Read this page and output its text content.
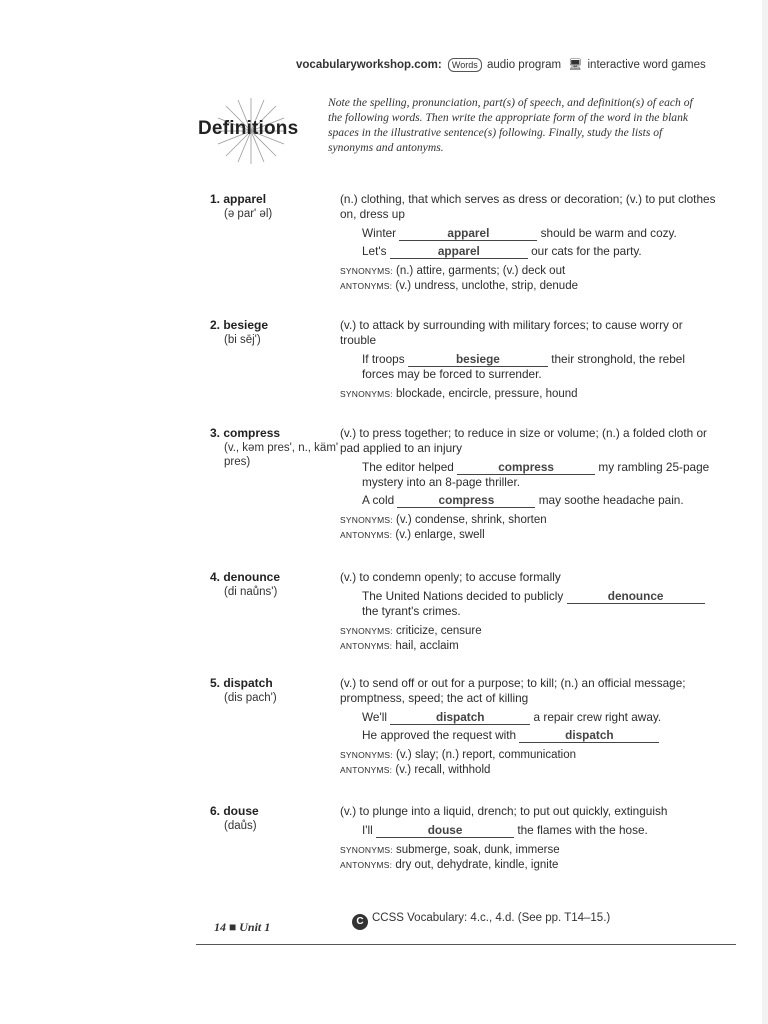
vocabularyworkshop.com: Words audio program 🖥 interactive word games
Definitions
Note the spelling, pronunciation, part(s) of speech, and definition(s) of each of the following words. Then write the appropriate form of the word in the blank spaces in the illustrative sentence(s) following. Finally, study the lists of synonyms and antonyms.
1. apparel
(ə par' əl)

(n.) clothing, that which serves as dress or decoration; (v.) to put clothes on, dress up

Winter	apparel	should be warm and cozy.
Let's	apparel	our cats for the party.

SYNONYMS: (n.) attire, garments; (v.) deck out

ANTONYMS: (v.) undress, unclothe, strip, denude

2. besiege
(bi sēj')

(v.) to attack by surrounding with military forces; to cause worry or trouble

If troops	besiege	their stronghold, the rebel forces may be forced to surrender.

SYNONYMS: blockade, encircle, pressure, hound

3. compress
(v., kəm pres', n., käm' pres)

(v.) to press together; to reduce in size or volume; (n.) a folded cloth or pad applied to an injury

The editor helped	compress	my rambling 25-page mystery into an 8-page thriller.
A cold	compress	may soothe headache pain.

SYNONYMS: (v.) condense, shrink, shorten

ANTONYMS: (v.) enlarge, swell

4. denounce
(di naůns')

(v.) to condemn openly; to accuse formally

The United Nations decided to publicly	denounce the tyrant's crimes.

SYNONYMS: criticize, censure

ANTONYMS: hail, acclaim

5. dispatch
(dis pach')

(v.) to send off or out for a purpose; to kill; (n.) an official message; promptness, speed; the act of killing

We'll	dispatch	a repair crew right away.
He approved the request with	dispatch

SYNONYMS: (v.) slay; (n.) report, communication

ANTONYMS: (v.) recall, withhold

6. douse
(daůs)

(v.) to plunge into a liquid, drench; to put out quickly, extinguish

I'll	douse	the flames with the hose.

SYNONYMS: submerge, soak, dunk, immerse

ANTONYMS: dry out, dehydrate, kindle, ignite

14 ■ Unit 1	C CCSS Vocabulary: 4.c., 4.d. (See pp. T14–15.)
